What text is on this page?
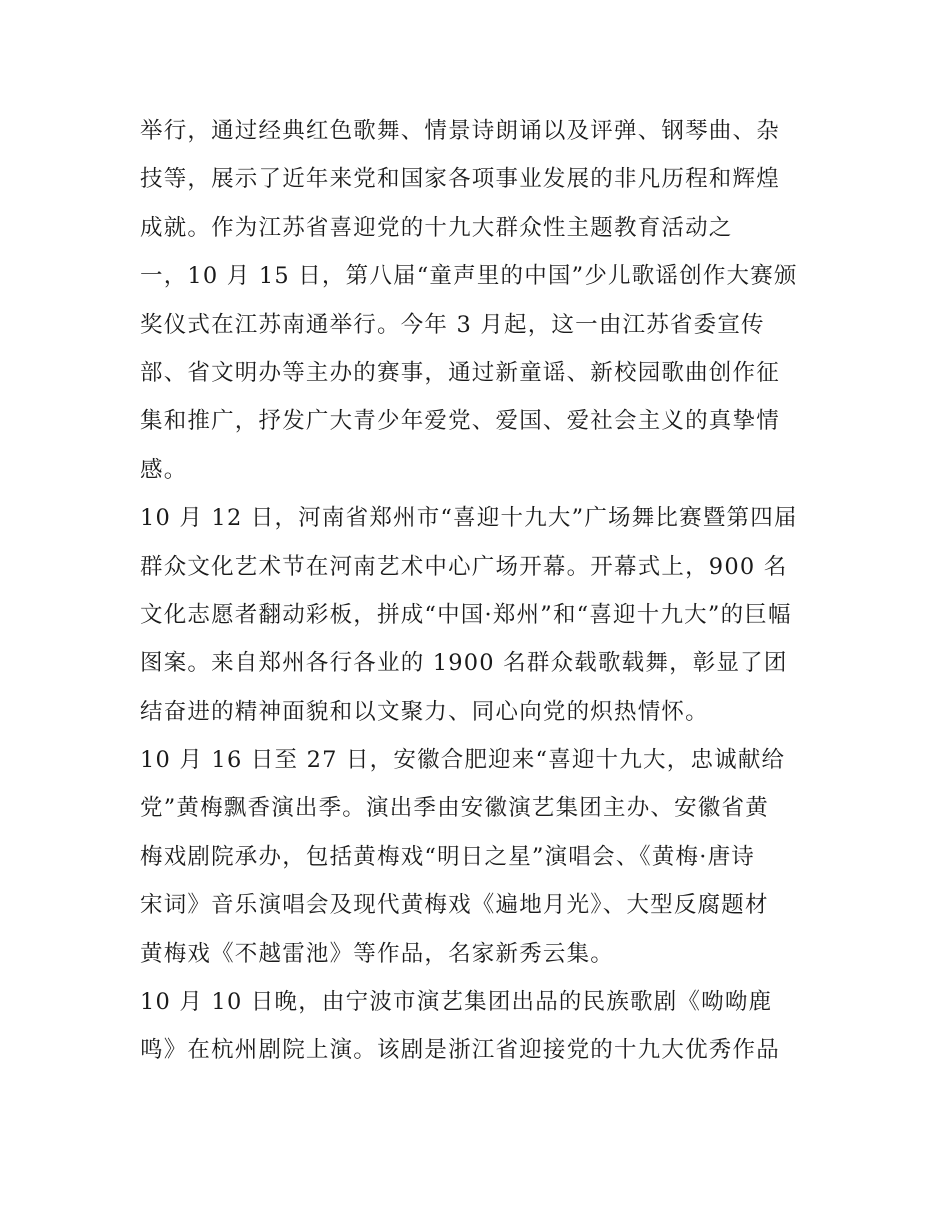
举行，通过经典红色歌舞、情景诗朗诵以及评弹、钢琴曲、杂
技等，展示了近年来党和国家各项事业发展的非凡历程和辉煌
成就。作为江苏省喜迎党的十九大群众性主题教育活动之
一，10 月 15 日，第八届“童声里的中国”少儿歌谣创作大赛颁
奖仪式在江苏南通举行。今年 3 月起，这一由江苏省委宣传
部、省文明办等主办的赛事，通过新童谣、新校园歌曲创作征
集和推广，抒发广大青少年爱党、爱国、爱社会主义的真挚情
感。
10 月 12 日，河南省郑州市“喜迎十九大”广场舞比赛暨第四届
群众文化艺术节在河南艺术中心广场开幕。开幕式上，900 名
文化志愿者翻动彩板，拼成“中国·郑州”和“喜迎十九大”的巨幅
图案。来自郑州各行各业的 1900 名群众载歌载舞，彰显了团
结奋进的精神面貌和以文聚力、同心向党的炽热情怀。
10 月 16 日至 27 日，安徽合肥迎来“喜迎十九大，忠诚献给
党”黄梅飘香演出季。演出季由安徽演艺集团主办、安徽省黄
梅戏剧院承办，包括黄梅戏“明日之星”演唱会、《黄梅·唐诗
宋词》音乐演唱会及现代黄梅戏《遍地月光》、大型反腐题材
黄梅戏《不越雷池》等作品，名家新秀云集。
10 月 10 日晚，由宁波市演艺集团出品的民族歌剧《呦呦鹿
鸣》在杭州剧院上演。该剧是浙江省迎接党的十九大优秀作品
